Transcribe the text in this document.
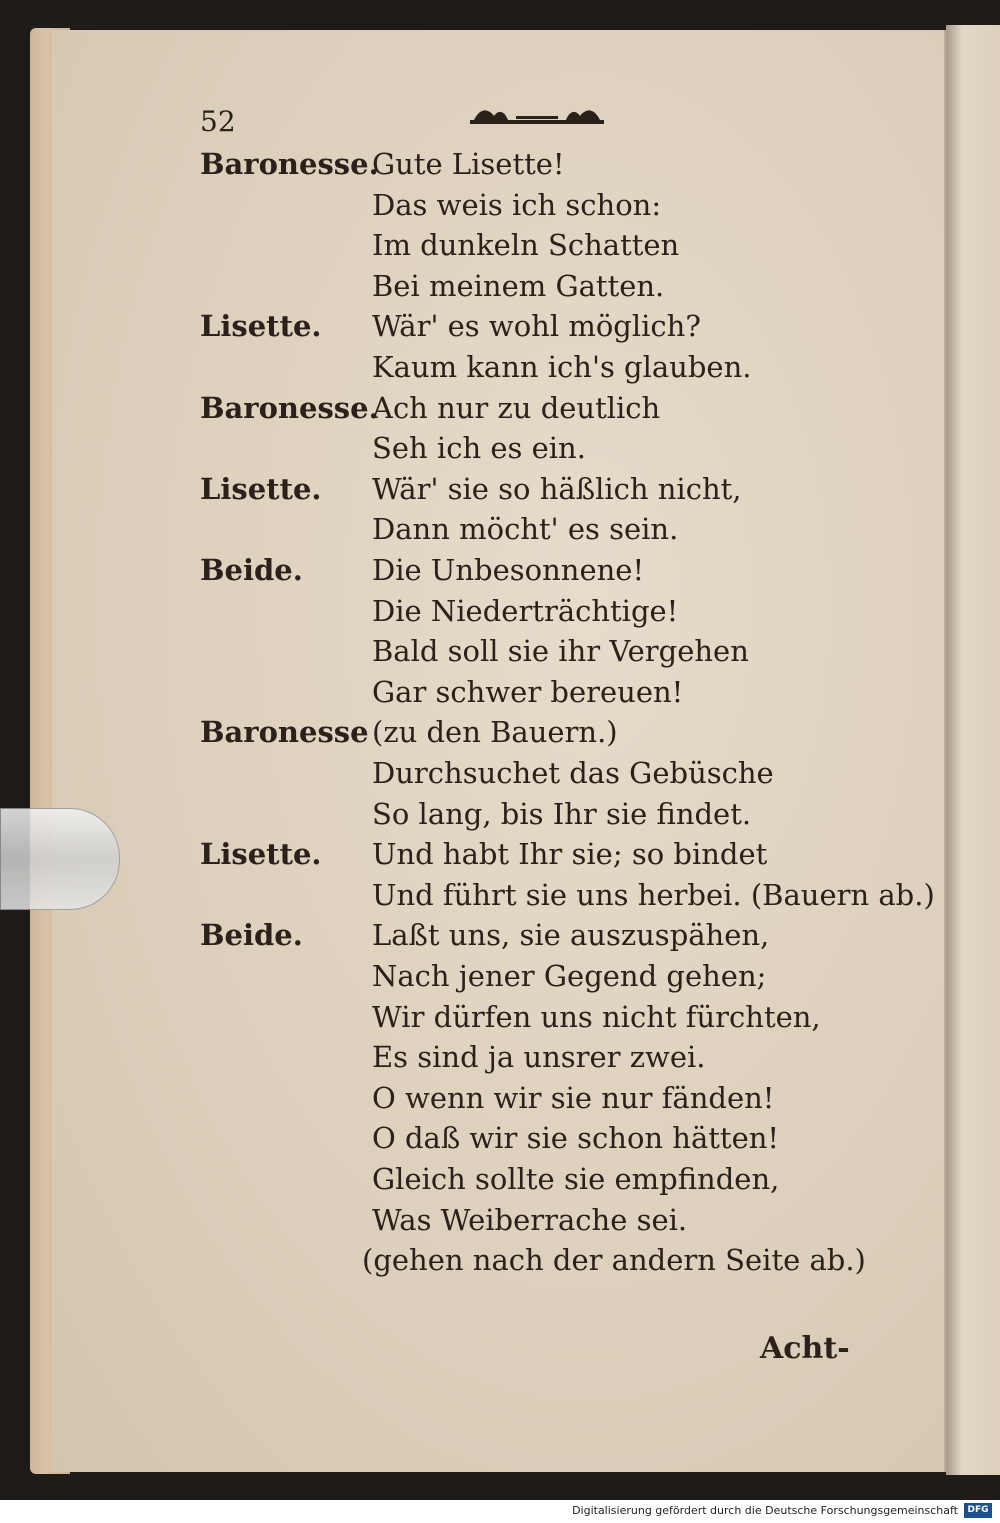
52
Baronesse.
Gute Lisette!
Das weis ich schon:
Im dunkeln Schatten
Bei meinem Gatten.
Lisette. Wär' es wohl möglich?
Kaum kann ich's glauben.
Baronesse.
Ach nur zu deutlich
Seh ich es ein.
Lisette. Wär' sie so häßlich nicht,
Dann möcht' es sein.
Beide. Die Unbesonnene!
Die Niederträchtige!
Bald soll sie ihr Vergehen
Gar schwer bereuen!
Baronesse (zu den Bauern.)
Durchsuchet das Gebüsche
So lang, bis Ihr sie findet.
Lisette. Und habt Ihr sie; so bindet
Und führt sie uns herbei. (Bauern ab.)
Beide. Laßt uns, sie auszuspähen,
Nach jener Gegend gehen;
Wir dürfen uns nicht fürchten,
Es sind ja unsrer zwei.
O wenn wir sie nur fänden!
O daß wir sie schon hätten!
Gleich sollte sie empfinden,
Was Weiberrache sei.
(gehen nach der andern Seite ab.)
Acht-
Digitalisierung gefördert durch die Deutsche Forschungsgemeinschaft	DFG
